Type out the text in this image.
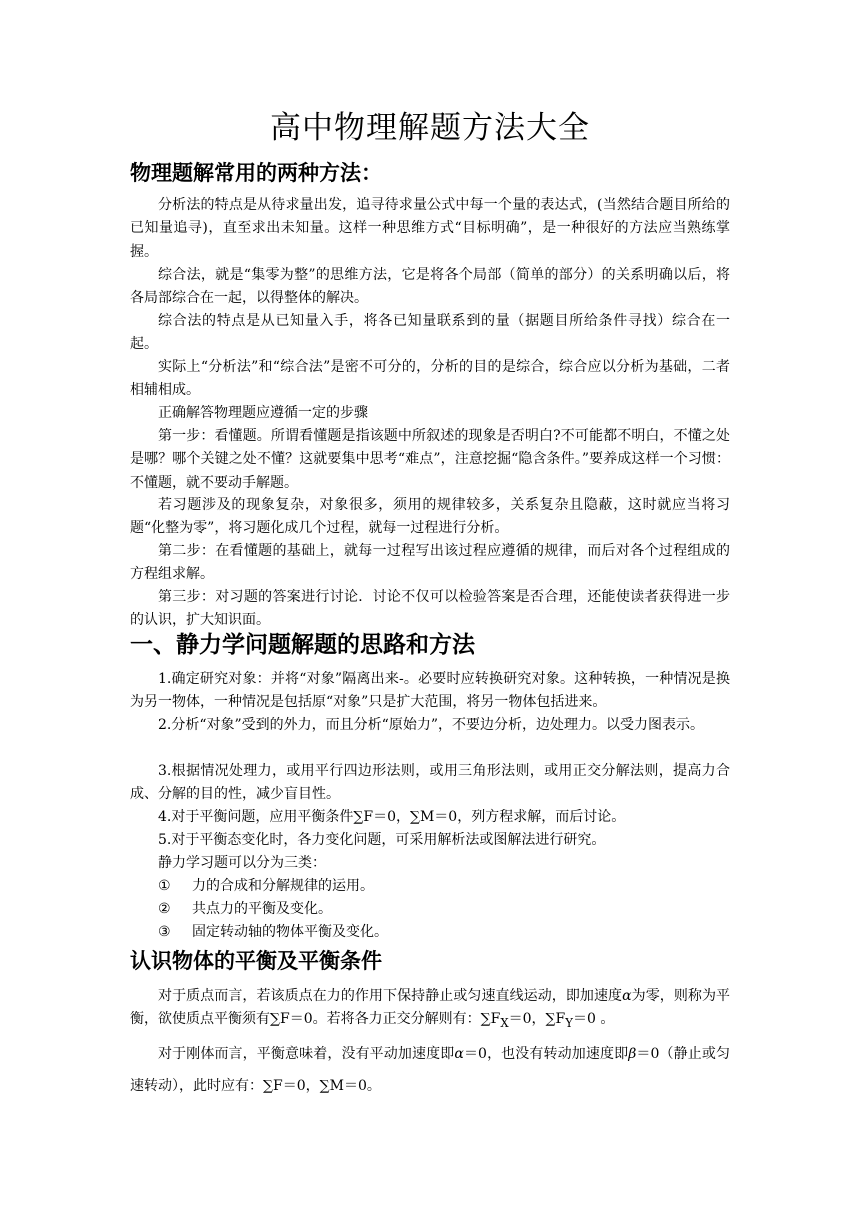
高中物理解题方法大全
物理题解常用的两种方法：
分析法的特点是从待求量出发，追寻待求量公式中每一个量的表达式，(当然结合题目所给的已知量追寻)，直至求出未知量。这样一种思维方式“目标明确”，是一种很好的方法应当熟练掌握。
综合法，就是“集零为整”的思维方法，它是将各个局部（简单的部分）的关系明确以后，将各局部综合在一起，以得整体的解决。
综合法的特点是从已知量入手，将各已知量联系到的量（据题目所给条件寻找）综合在一起。
实际上“分析法”和“综合法”是密不可分的，分析的目的是综合，综合应以分析为基础，二者相辅相成。
正确解答物理题应遵循一定的步骤
第一步：看懂题。所谓看懂题是指该题中所叙述的现象是否明白?不可能都不明白，不懂之处是哪？哪个关键之处不懂？这就要集中思考“难点”，注意挖掘“隐含条件。”要养成这样一个习惯：不懂题，就不要动手解题。
若习题涉及的现象复杂，对象很多，须用的规律较多，关系复杂且隐蔽，这时就应当将习题“化整为零”，将习题化成几个过程，就每一过程进行分析。
第二步：在看懂题的基础上，就每一过程写出该过程应遵循的规律，而后对各个过程组成的方程组求解。
第三步：对习题的答案进行讨论．讨论不仅可以检验答案是否合理，还能使读者获得进一步的认识，扩大知识面。
一、静力学问题解题的思路和方法
1.确定研究对象：并将“对象”隔离出来-。必要时应转换研究对象。这种转换，一种情况是换为另一物体，一种情况是包括原“对象”只是扩大范围，将另一物体包括进来。
2.分析“对象”受到的外力，而且分析“原始力”，不要边分析，边处理力。以受力图表示。
3.根据情况处理力，或用平行四边形法则，或用三角形法则，或用正交分解法则，提高力合成、分解的目的性，减少盲目性。
4.对于平衡问题，应用平衡条件∑F＝0，∑M＝0，列方程求解，而后讨论。
5.对于平衡态变化时，各力变化问题，可采用解析法或图解法进行研究。
静力学习题可以分为三类：
① 力的合成和分解规律的运用。
② 共点力的平衡及变化。
③ 固定转动轴的物体平衡及变化。
认识物体的平衡及平衡条件
对于质点而言，若该质点在力的作用下保持静止或匀速直线运动，即加速度α为零，则称为平衡，欲使质点平衡须有∑F＝0。若将各力正交分解则有：$\sum F_X=0$，$\sum F_Y=0$ 。
对于刚体而言，平衡意味着，没有平动加速度即α＝0，也没有转动加速度即β＝0（静止或匀速转动），此时应有：∑F＝0，∑M＝0。
